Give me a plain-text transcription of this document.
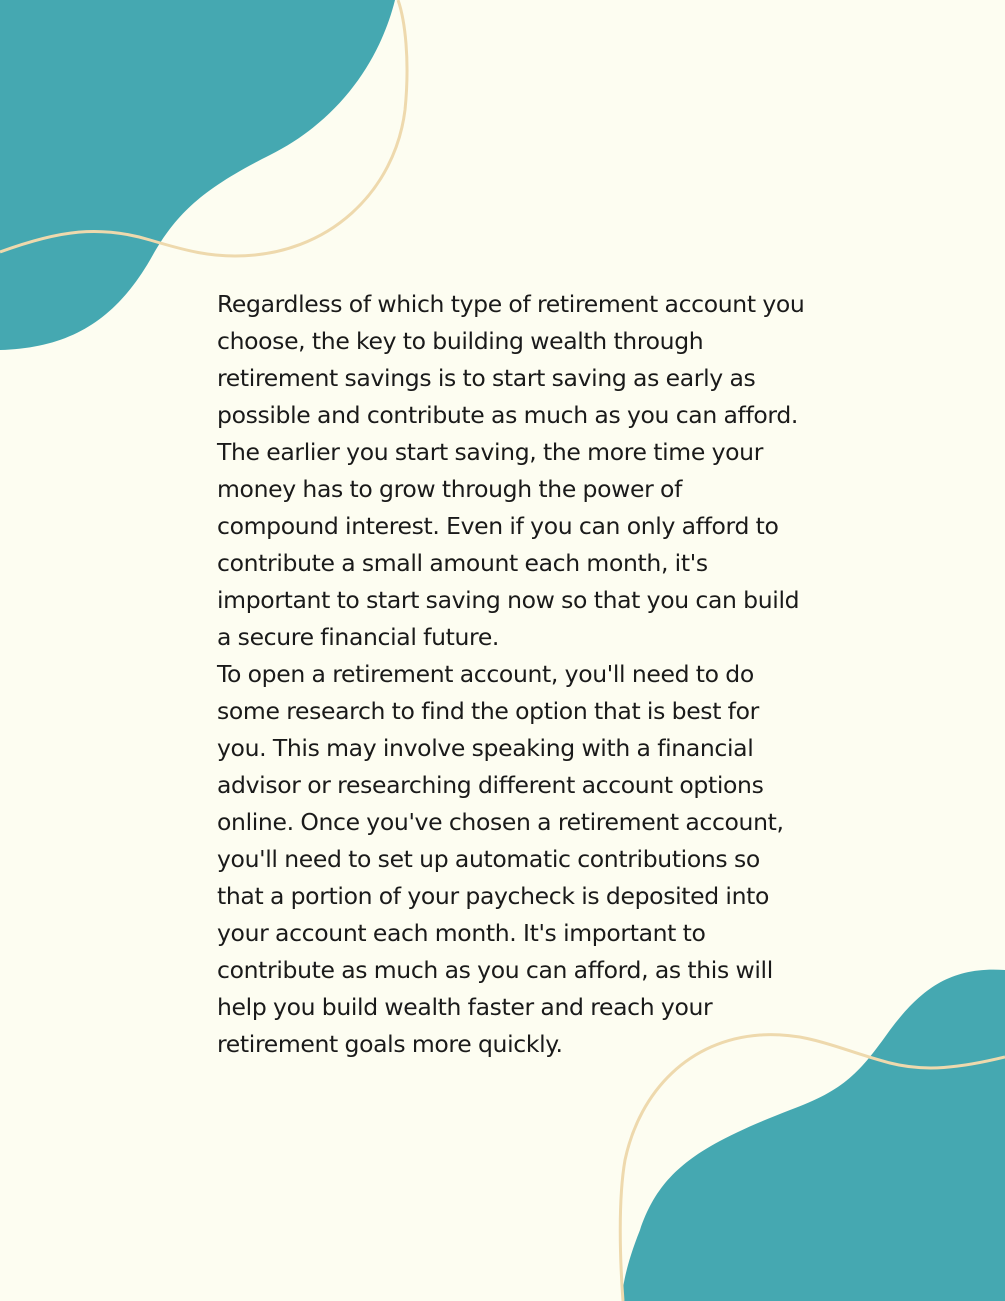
Regardless of which type of retirement account you choose, the key to building wealth through retirement savings is to start saving as early as possible and contribute as much as you can afford. The earlier you start saving, the more time your money has to grow through the power of compound interest. Even if you can only afford to contribute a small amount each month, it's important to start saving now so that you can build a secure financial future.

To open a retirement account, you'll need to do some research to find the option that is best for you. This may involve speaking with a financial advisor or researching different account options online. Once you've chosen a retirement account, you'll need to set up automatic contributions so that a portion of your paycheck is deposited into your account each month. It's important to contribute as much as you can afford, as this will help you build wealth faster and reach your retirement goals more quickly.
